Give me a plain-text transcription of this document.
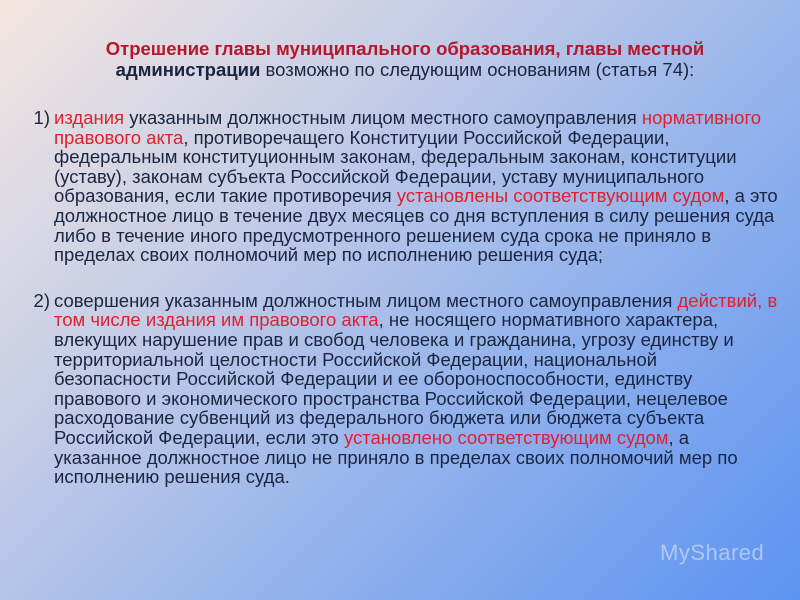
Отрешение главы муниципального образования, главы местной
администрации возможно по следующим основаниям (статья 74):
1) издания указанным должностным лицом местного самоуправления нормативного правового акта, противоречащего Конституции Российской Федерации, федеральным конституционным законам, федеральным законам, конституции (уставу), законам субъекта Российской Федерации, уставу муниципального образования, если такие противоречия установлены соответствующим судом, а это должностное лицо в течение двух месяцев со дня вступления в силу решения суда либо в течение иного предусмотренного решением суда срока не приняло в пределах своих полномочий мер по исполнению решения суда;
2) совершения указанным должностным лицом местного самоуправления действий, в том числе издания им правового акта, не носящего нормативного характера, влекущих нарушение прав и свобод человека и гражданина, угрозу единству и территориальной целостности Российской Федерации, национальной безопасности Российской Федерации и ее обороноспособности, единству правового и экономического пространства Российской Федерации, нецелевое расходование субвенций из федерального бюджета или бюджета субъекта Российской Федерации, если это установлено соответствующим судом, а указанное должностное лицо не приняло в пределах своих полномочий мер по исполнению решения суда.
MyShared
